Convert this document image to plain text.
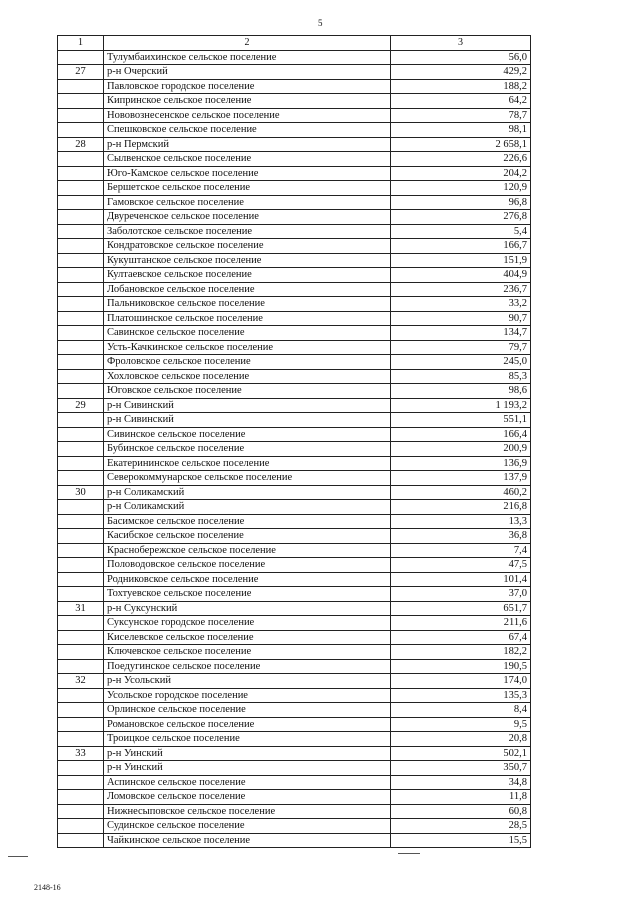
5
1	2	3
	Тулумбаихинское сельское поселение	56,0
27	р-н Очерский	429,2
	Павловское городское поселение	188,2
	Кипринское сельское поселение	64,2
	Нововознесенское сельское поселение	78,7
	Спешковское сельское поселение	98,1
28	р-н Пермский	2 658,1
	Сылвенское сельское поселение	226,6
	Юго-Камское сельское поселение	204,2
	Бершетское сельское поселение	120,9
	Гамовское сельское поселение	96,8
	Двуреченское сельское поселение	276,8
	Заболотское сельское поселение	5,4
	Кондратовское сельское поселение	166,7
	Кукуштанское сельское поселение	151,9
	Култаевское сельское поселение	404,9
	Лобановское сельское поселение	236,7
	Пальниковское сельское поселение	33,2
	Платошинское сельское поселение	90,7
	Савинское сельское поселение	134,7
	Усть-Качкинское сельское поселение	79,7
	Фроловское сельское поселение	245,0
	Хохловское сельское поселение	85,3
	Юговское сельское поселение	98,6
29	р-н Сивинский	1 193,2
	р-н Сивинский	551,1
	Сивинское сельское поселение	166,4
	Бубинское сельское поселение	200,9
	Екатерининское сельское поселение	136,9
	Северокоммунарское сельское поселение	137,9
30	р-н Соликамский	460,2
	р-н Соликамский	216,8
	Басимское сельское поселение	13,3
	Касибское сельское поселение	36,8
	Краснобережское сельское поселение	7,4
	Половодовское сельское поселение	47,5
	Родниковское сельское поселение	101,4
	Тохтуевское сельское поселение	37,0
31	р-н Суксунский	651,7
	Суксунское городское поселение	211,6
	Киселевское сельское поселение	67,4
	Ключевское сельское поселение	182,2
	Поедугинское сельское поселение	190,5
32	р-н Усольский	174,0
	Усольское городское поселение	135,3
	Орлинское сельское поселение	8,4
	Романовское сельское поселение	9,5
	Троицкое сельское поселение	20,8
33	р-н Уинский	502,1
	р-н Уинский	350,7
	Аспинское сельское поселение	34,8
	Ломовское сельское поселение	11,8
	Нижнесыповское сельское поселение	60,8
	Судинское сельское поселение	28,5
	Чайкинское сельское поселение	15,5
2148-16
